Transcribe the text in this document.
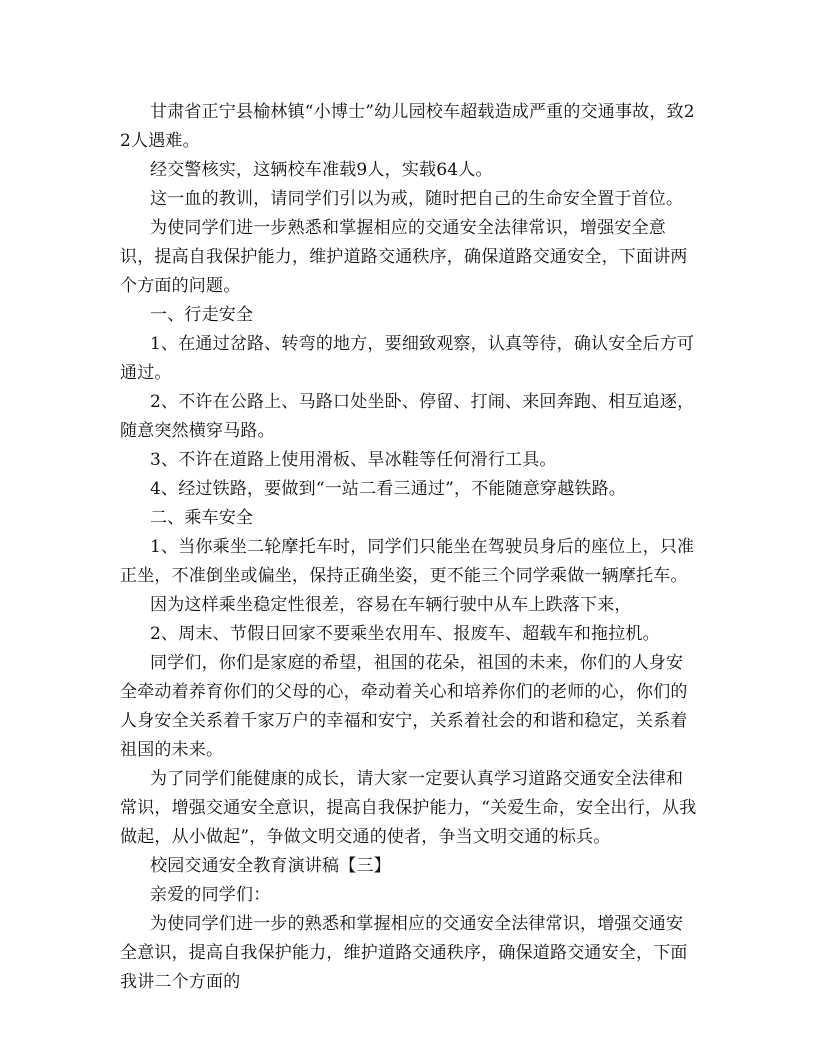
甘肃省正宁县榆林镇“小博士”幼儿园校车超载造成严重的交通事故，致22人遇难。

经交警核实，这辆校车准载9人，实载64人。

这一血的教训，请同学们引以为戒，随时把自己的生命安全置于首位。

为使同学们进一步熟悉和掌握相应的交通安全法律常识，增强安全意识，提高自我保护能力，维护道路交通秩序，确保道路交通安全，下面讲两个方面的问题。

一、行走安全

1、在通过岔路、转弯的地方，要细致观察，认真等待，确认安全后方可通过。

2、不许在公路上、马路口处坐卧、停留、打闹、来回奔跑、相互追逐，随意突然横穿马路。

3、不许在道路上使用滑板、旱冰鞋等任何滑行工具。

4、经过铁路，要做到“一站二看三通过”，不能随意穿越铁路。

二、乘车安全

1、当你乘坐二轮摩托车时，同学们只能坐在驾驶员身后的座位上，只准正坐，不准倒坐或偏坐，保持正确坐姿，更不能三个同学乘做一辆摩托车。

因为这样乘坐稳定性很差，容易在车辆行驶中从车上跌落下来，

2、周末、节假日回家不要乘坐农用车、报废车、超载车和拖拉机。

同学们，你们是家庭的希望，祖国的花朵，祖国的未来，你们的人身安全牵动着养育你们的父母的心，牵动着关心和培养你们的老师的心，你们的人身安全关系着千家万户的幸福和安宁，关系着社会的和谐和稳定，关系着祖国的未来。

为了同学们能健康的成长，请大家一定要认真学习道路交通安全法律和常识，增强交通安全意识，提高自我保护能力，“关爱生命，安全出行，从我做起，从小做起”，争做文明交通的使者，争当文明交通的标兵。

校园交通安全教育演讲稿【三】

亲爱的同学们：

为使同学们进一步的熟悉和掌握相应的交通安全法律常识，增强交通安全意识，提高自我保护能力，维护道路交通秩序，确保道路交通安全，下面我讲二个方面的
